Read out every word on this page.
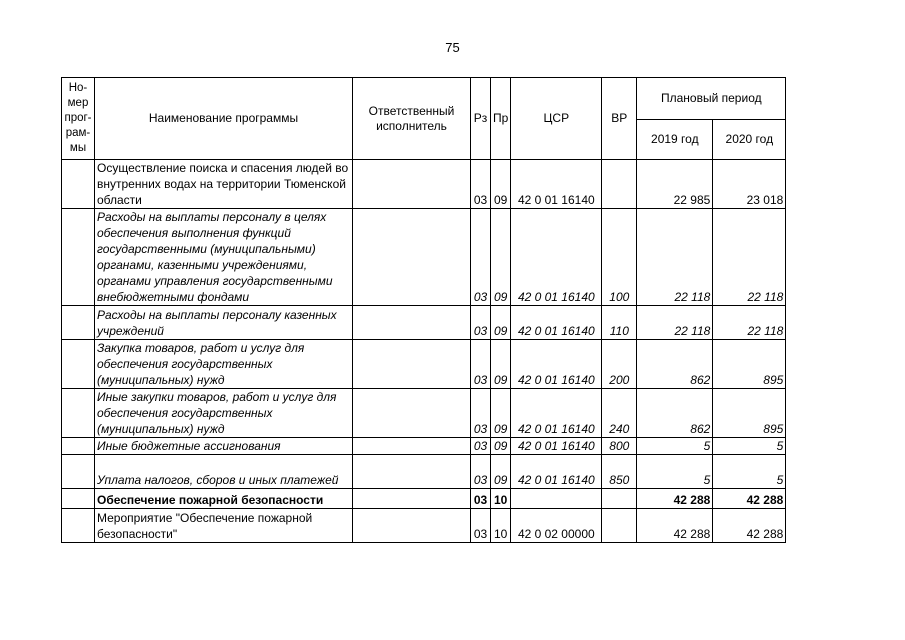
75
Но-мер прог-рам-мы	Наименование программы	Ответственный исполнитель	Рз	Пр	ЦСР	ВР	Плановый период	
							2019 год	2020 год
	Осуществление поиска и спасения людей во внутренних водах на территории Тюменской области		03	09	42 0 01 16140		22 985	23 018
	Расходы на выплаты персоналу в целях обеспечения выполнения функций государственными (муниципальными) органами, казенными учреждениями, органами управления государственными внебюджетными фондами		03	09	42 0 01 16140	100	22 118	22 118
	Расходы на выплаты персоналу казенных учреждений		03	09	42 0 01 16140	110	22 118	22 118
	Закупка товаров, работ и услуг для обеспечения государственных (муниципальных) нужд		03	09	42 0 01 16140	200	862	895
	Иные закупки товаров, работ и услуг для обеспечения государственных (муниципальных) нужд		03	09	42 0 01 16140	240	862	895
	Иные бюджетные ассигнования		03	09	42 0 01 16140	800	5	5
	Уплата налогов, сборов и иных платежей		03	09	42 0 01 16140	850	5	5
	Обеспечение пожарной безопасности		03	10			42 288	42 288
	Мероприятие "Обеспечение пожарной безопасности"		03	10	42 0 02 00000		42 288	42 288
